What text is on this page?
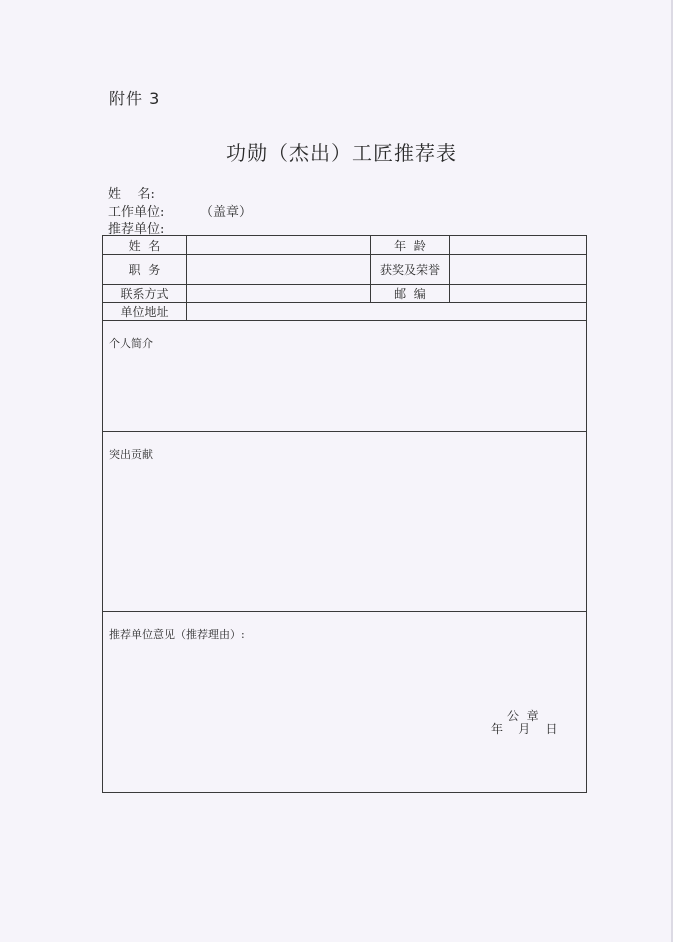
附件 3
功勋（杰出）工匠推荐表
姓    名:
工作单位:	（盖章）
推荐单位:
姓  名		年  龄	
职  务		获奖及荣誉	
联系方式		邮  编	
单位地址			
个人简介			
突出贡献			
推荐单位意见（推荐理由）:
公  章
年    月    日			
